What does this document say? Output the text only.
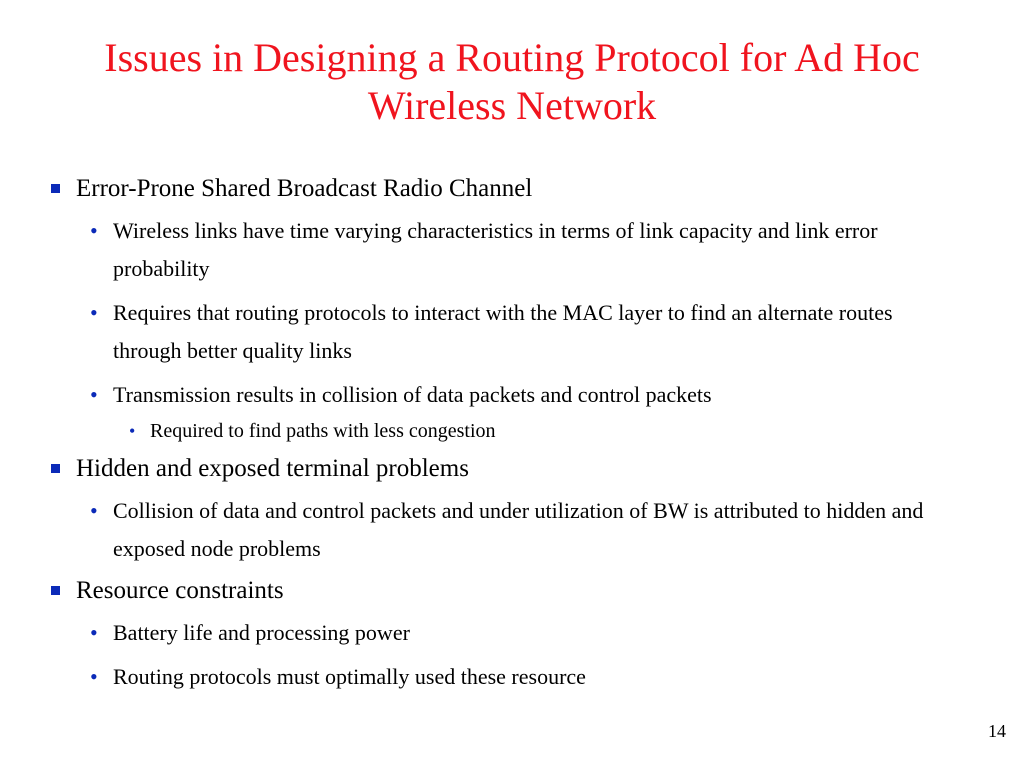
Issues in Designing a Routing Protocol for Ad Hoc Wireless Network
Error-Prone Shared Broadcast Radio Channel
• Wireless links have time varying characteristics in terms of link capacity and link error probability
• Requires that routing protocols to interact with the MAC layer to find an alternate routes through better quality links
• Transmission results in collision of data packets and control packets
• Required to find paths with less congestion
Hidden and exposed terminal problems
• Collision of data and control packets and under utilization of BW is attributed to hidden and exposed node problems
Resource constraints
• Battery life and processing power
• Routing protocols must optimally used these resource
14
